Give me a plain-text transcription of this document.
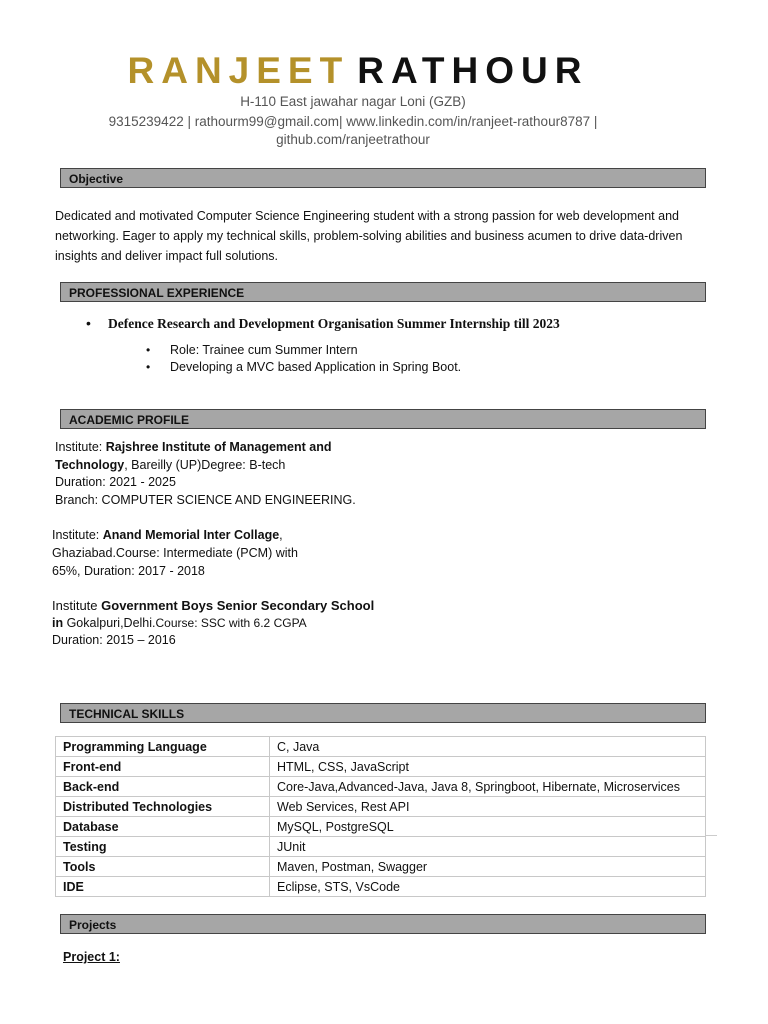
RANJEET RATHOUR
H-110 East jawahar nagar Loni (GZB)
9315239422 | rathourm99@gmail.com| www.linkedin.com/in/ranjeet-rathour8787 |
github.com/ranjeetrathour
Objective
Dedicated and motivated Computer Science Engineering student with a strong passion for web development and networking. Eager to apply my technical skills, problem-solving abilities and business acumen to drive data-driven insights and deliver impact full solutions.
PROFESSIONAL EXPERIENCE
• Defence Research and Development Organisation Summer Internship till 2023
• Role: Trainee cum Summer Intern
• Developing a MVC based Application in Spring Boot.
ACADEMIC PROFILE
Institute: Rajshree Institute of Management and
Technology, Bareilly (UP)Degree: B-tech
Duration: 2021 - 2025
Branch: COMPUTER SCIENCE AND ENGINEERING.
Institute: Anand Memorial Inter Collage,
Ghaziabad.Course: Intermediate (PCM) with
65%, Duration: 2017 - 2018
Institute Government Boys Senior Secondary School
in Gokalpuri,Delhi.Course: SSC with 6.2 CGPA
Duration: 2015 – 2016
TECHNICAL SKILLS
Programming Language	C, Java
Front-end	HTML, CSS, JavaScript
Back-end	Core-Java,Advanced-Java, Java 8, Springboot, Hibernate, Microservices
Distributed Technologies	Web Services, Rest API
Database	MySQL, PostgreSQL
Testing	JUnit
Tools	Maven, Postman, Swagger
IDE	Eclipse, STS, VsCode
Projects
Project 1:
